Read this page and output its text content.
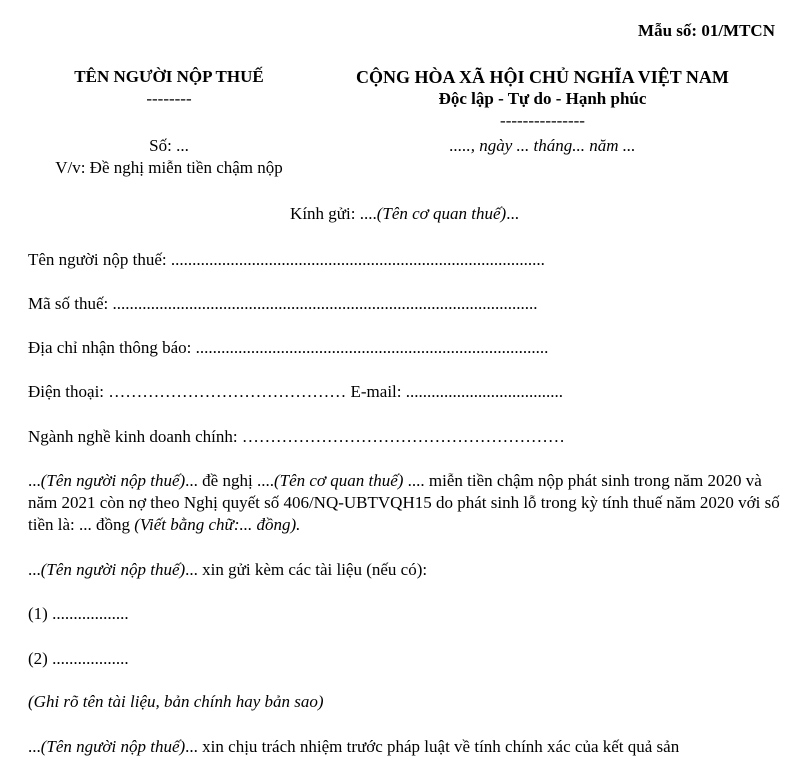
Mẫu số: 01/MTCN
TÊN NGƯỜI NỘP THUẾ
--------
Số: ...
V/v: Đề nghị miễn tiền chậm nộp
CỘNG HÒA XÃ HỘI CHỦ NGHĨA VIỆT NAM
Độc lập - Tự do - Hạnh phúc
---------------
....., ngày ... tháng... năm ...
Kính gửi: ....(Tên cơ quan thuế)...
Tên người nộp thuế: ........................................................................................
Mã số thuế: ....................................................................................................
Địa chỉ nhận thông báo: ...................................................................................
Điện thoại: …………………………………… E-mail: .....................................
Ngành nghề kinh doanh chính: …………………………………………………
...(Tên người nộp thuế)... đề nghị ....(Tên cơ quan thuế) .... miễn tiền chậm nộp phát sinh trong năm 2020 và năm 2021 còn nợ theo Nghị quyết số 406/NQ-UBTVQH15 do phát sinh lỗ trong kỳ tính thuế năm 2020 với số tiền là: ... đồng (Viết bằng chữ:... đồng).
...(Tên người nộp thuế)... xin gửi kèm các tài liệu (nếu có):
(1) ..................
(2) ..................
(Ghi rõ tên tài liệu, bản chính hay bản sao)
...(Tên người nộp thuế)... xin chịu trách nhiệm trước pháp luật về tính chính xác của kết quả sản
